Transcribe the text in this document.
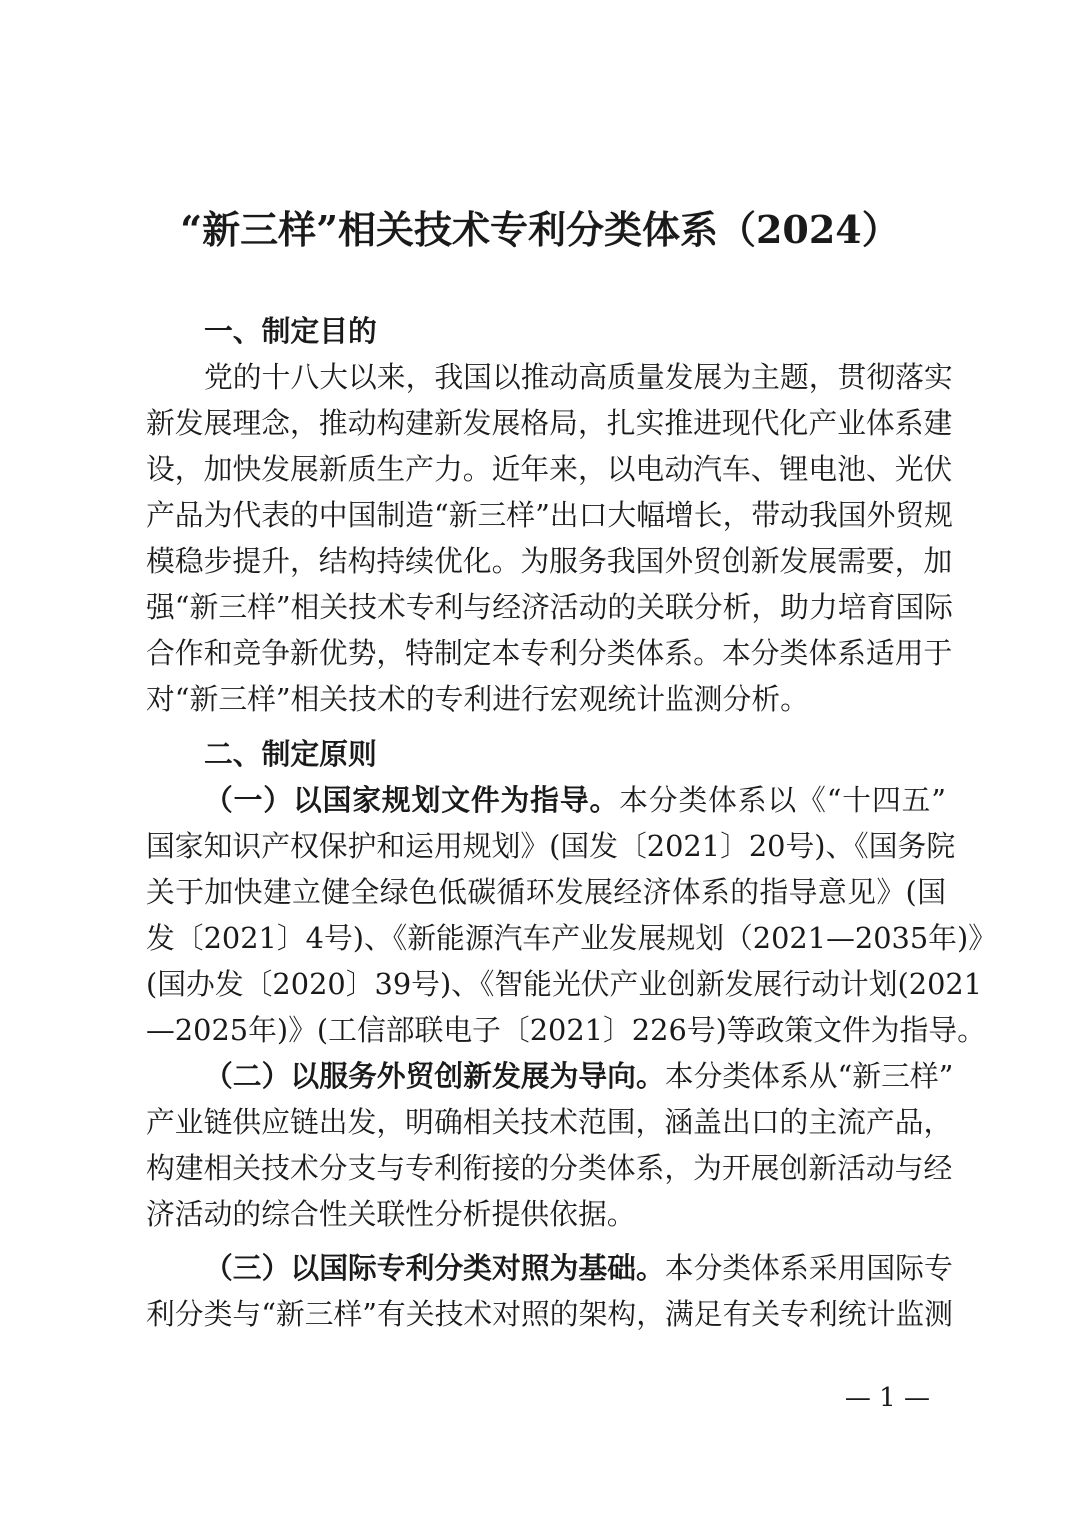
“新三样”相关技术专利分类体系（2024）
一、制定目的
党的十八大以来，我国以推动高质量发展为主题，贯彻落实
新发展理念，推动构建新发展格局，扎实推进现代化产业体系建
设，加快发展新质生产力。近年来，以电动汽车、锂电池、光伏
产品为代表的中国制造“新三样”出口大幅增长，带动我国外贸规
模稳步提升，结构持续优化。为服务我国外贸创新发展需要，加
强“新三样”相关技术专利与经济活动的关联分析，助力培育国际
合作和竞争新优势，特制定本专利分类体系。本分类体系适用于
对“新三样”相关技术的专利进行宏观统计监测分析。
二、制定原则
（一）以国家规划文件为指导。本分类体系以《“十四五”
国家知识产权保护和运用规划》(国发〔2021〕20号)、《国务院
关于加快建立健全绿色低碳循环发展经济体系的指导意见》(国
发〔2021〕4号)、《新能源汽车产业发展规划（2021—2035年)》
(国办发〔2020〕39号)、《智能光伏产业创新发展行动计划(2021
—2025年)》(工信部联电子〔2021〕226号)等政策文件为指导。
（二）以服务外贸创新发展为导向。本分类体系从“新三样”
产业链供应链出发，明确相关技术范围，涵盖出口的主流产品，
构建相关技术分支与专利衔接的分类体系，为开展创新活动与经
济活动的综合性关联性分析提供依据。
（三）以国际专利分类对照为基础。本分类体系采用国际专
利分类与“新三样”有关技术对照的架构，满足有关专利统计监测
— 1 —
